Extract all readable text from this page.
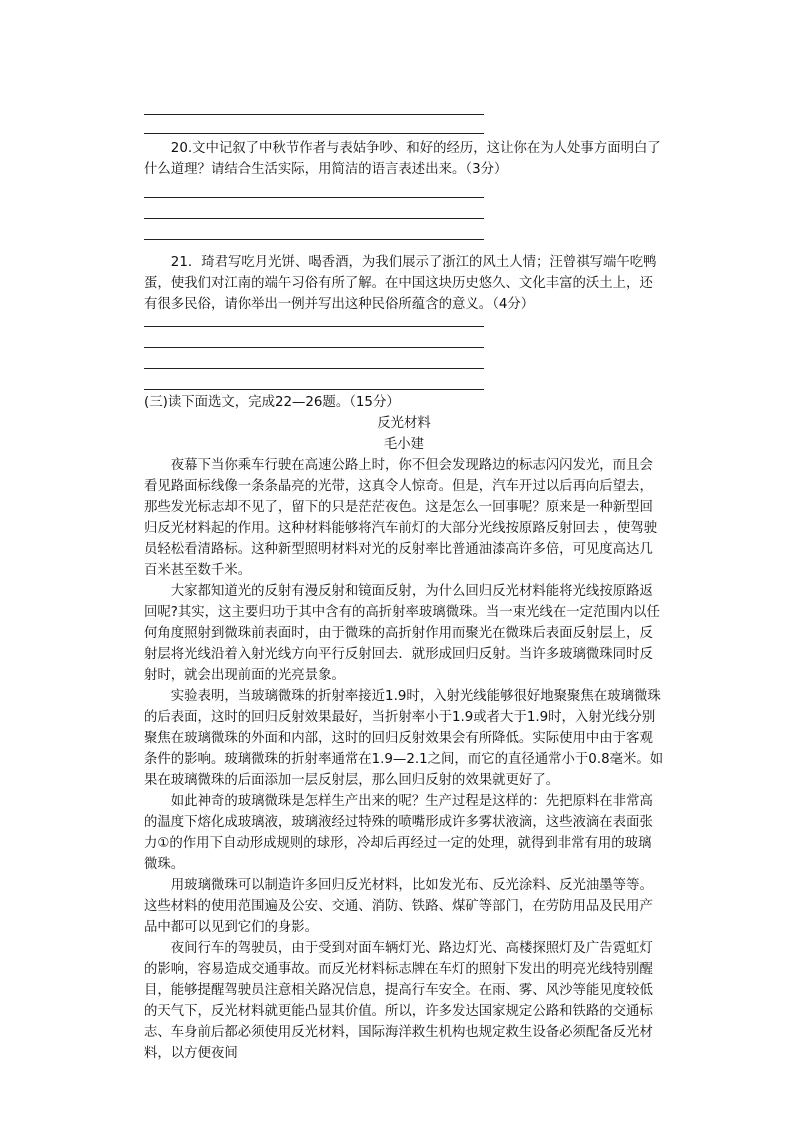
20.文中记叙了中秋节作者与表姑争吵、和好的经历，这让你在为人处事方面明白了什么道理？请结合生活实际，用简洁的语言表述出来。（3分）

21．琦君写吃月光饼、喝香酒，为我们展示了浙江的风土人情；汪曾祺写端午吃鸭蛋，使我们对江南的端午习俗有所了解。在中国这块历史悠久、文化丰富的沃土上，还有很多民俗，请你举出一例并写出这种民俗所蕴含的意义。（4分）

(三)读下面选文，完成22—26题。（15分）

反光材料

毛小建

夜幕下当你乘车行驶在高速公路上时，你不但会发现路边的标志闪闪发光，而且会看见路面标线像一条条晶亮的光带，这真令人惊奇。但是，汽车开过以后再向后望去，那些发光标志却不见了，留下的只是茫茫夜色。这是怎么一回事呢？原来是一种新型回归反光材料起的作用。这种材料能够将汽车前灯的大部分光线按原路反射回去 ，使驾驶员轻松看清路标。这种新型照明材料对光的反射率比普通油漆高许多倍，可见度高达几百米甚至数千米。

大家都知道光的反射有漫反射和镜面反射，为什么回归反光材料能将光线按原路返回呢?其实，这主要归功于其中含有的高折射率玻璃微珠。当一束光线在一定范围内以任何角度照射到微珠前表面时，由于微珠的高折射作用而聚光在微珠后表面反射层上，反射层将光线沿着入射光线方向平行反射回去．就形成回归反射。当许多玻璃微珠同时反射时，就会出现前面的光亮景象。

实验表明，当玻璃微珠的折射率接近1.9时，入射光线能够很好地聚聚焦在玻璃微珠的后表面，这时的回归反射效果最好，当折射率小于1.9或者大于1.9时，入射光线分别聚焦在玻璃微珠的外面和内部，这时的回归反射效果会有所降低。实际使用中由于客观条件的影响。玻璃微珠的折射率通常在1.9—2.1之间，而它的直径通常小于0.8毫米。如果在玻璃微珠的后面添加一层反射层，那么回归反射的效果就更好了。

如此神奇的玻璃微珠是怎样生产出来的呢？生产过程是这样的：先把原料在非常高的温度下熔化成玻璃液，玻璃液经过特殊的喷嘴形成许多雾状液滴，这些液滴在表面张力①的作用下自动形成规则的球形，冷却后再经过一定的处理，就得到非常有用的玻璃微珠。

用玻璃微珠可以制造许多回归反光材料，比如发光布、反光涂料、反光油墨等等。这些材料的使用范围遍及公安、交通、消防、铁路、煤矿等部门，在劳防用品及民用产品中都可以见到它们的身影。

夜间行车的驾驶员，由于受到对面车辆灯光、路边灯光、高楼探照灯及广告霓虹灯的影响，容易造成交通事故。而反光材料标志牌在车灯的照射下发出的明亮光线特别醒目，能够提醒驾驶员注意相关路况信息，提高行车安全。在雨、雾、风沙等能见度较低的天气下，反光材料就更能凸显其价值。所以，许多发达国家规定公路和铁路的交通标志、车身前后都必须使用反光材料，国际海洋救生机构也规定救生设备必须配备反光材料，以方便夜间
